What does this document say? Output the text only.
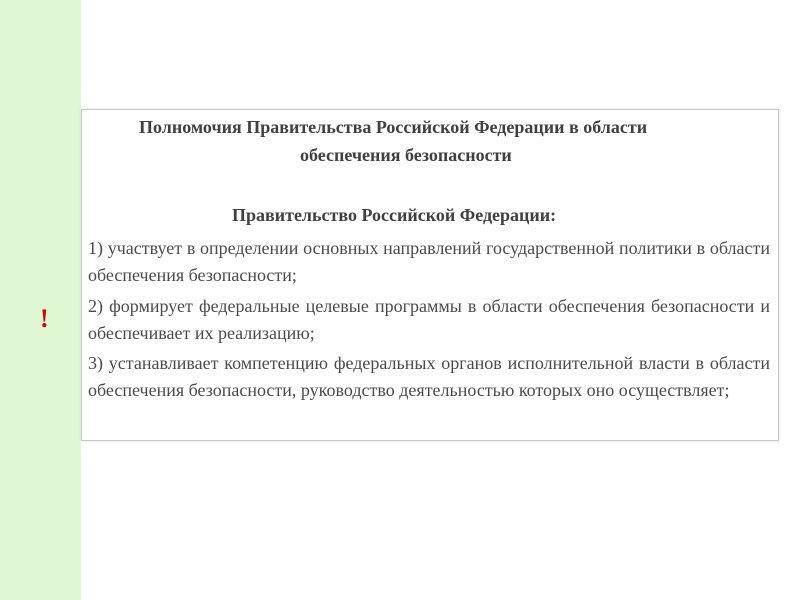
!
Полномочия Правительства Российской Федерации в области
обеспечения безопасности
Правительство Российской Федерации:
1) участвует в определении основных направлений государственной политики в области обеспечения безопасности;
2) формирует федеральные целевые программы в области обеспечения безопасности и обеспечивает их реализацию;
3) устанавливает компетенцию федеральных органов исполнительной власти в области обеспечения безопасности, руководство деятельностью которых оно осуществляет;
